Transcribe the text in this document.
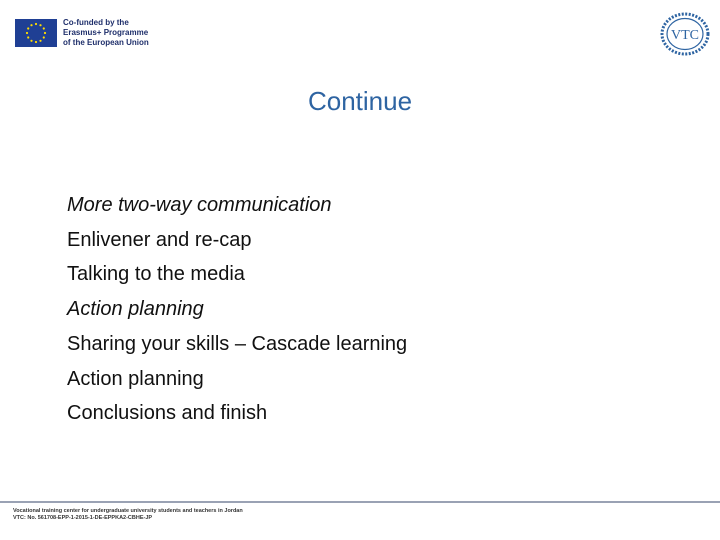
Co-funded by the
Erasmus+ Programme
of the European Union	VTC
Continue
More two-way communication
Enlivener and re-cap
Talking to the media
Action planning
Sharing your skills – Cascade learning
Action planning
Conclusions and finish
Vocational training center for undergraduate university students and teachers in Jordan
VTC: No. 561708-EPP-1-2015-1-DE-EPPKA2-CBHE-JP
